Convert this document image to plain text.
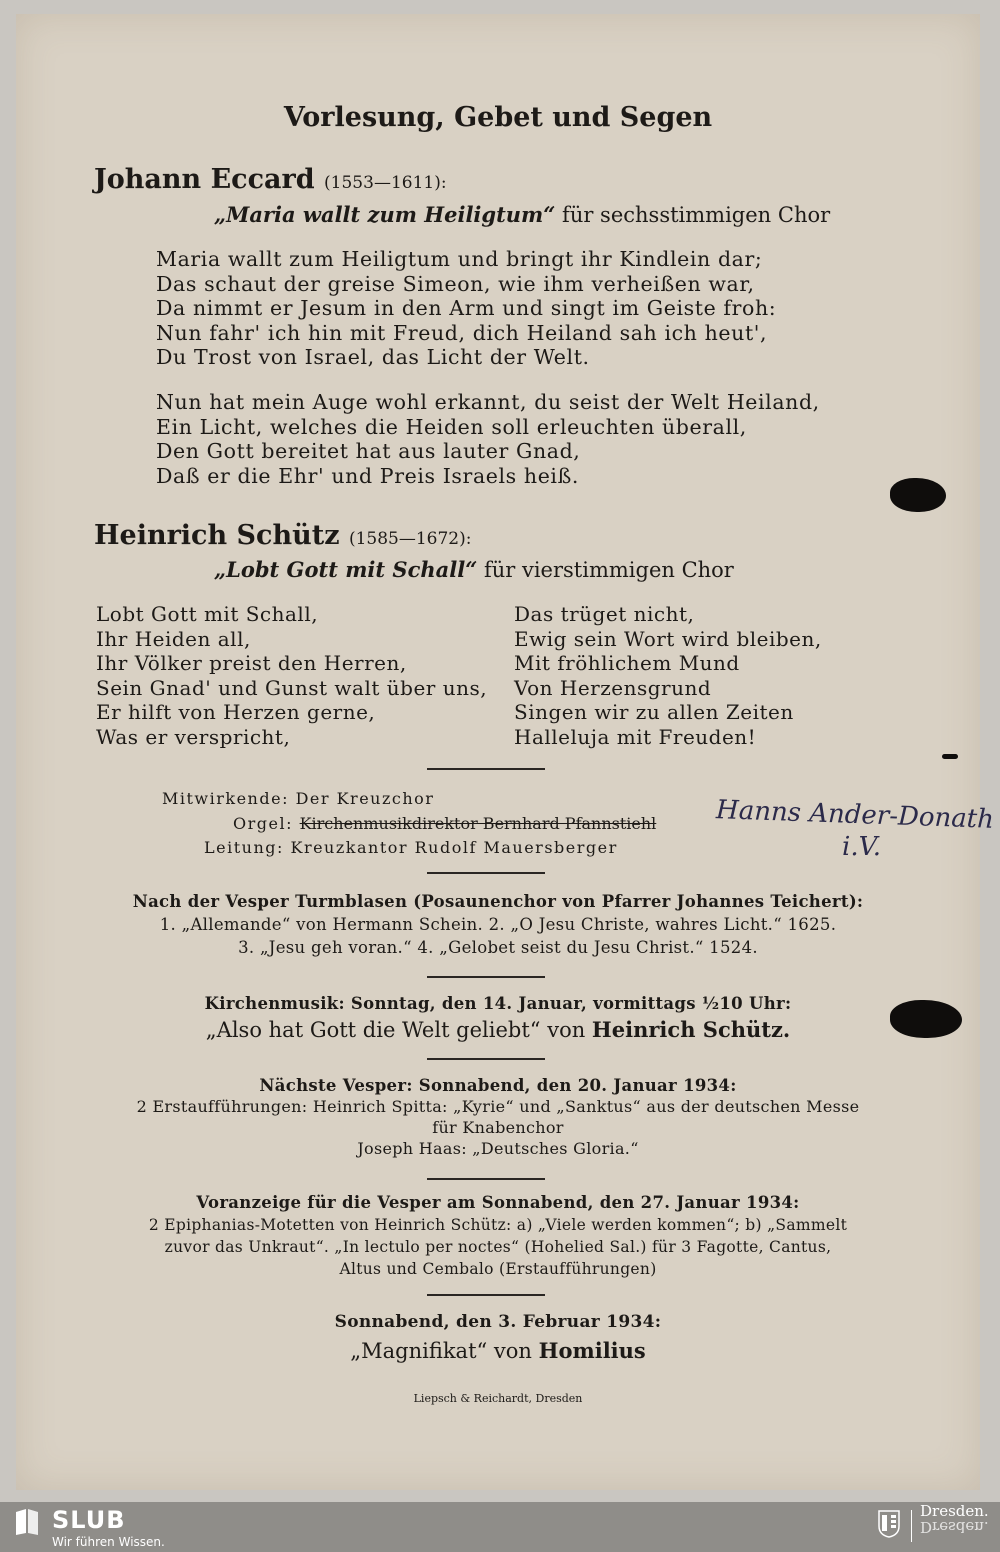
Vorlesung, Gebet und Segen
Johann Eccard (1553—1611):
„Maria wallt zum Heiligtum“ für sechsstimmigen Chor
Maria wallt zum Heiligtum und bringt ihr Kindlein dar;
Das schaut der greise Simeon, wie ihm verheißen war,
Da nimmt er Jesum in den Arm und singt im Geiste froh:
Nun fahr' ich hin mit Freud, dich Heiland sah ich heut',
Du Trost von Israel, das Licht der Welt.
Nun hat mein Auge wohl erkannt, du seist der Welt Heiland,
Ein Licht, welches die Heiden soll erleuchten überall,
Den Gott bereitet hat aus lauter Gnad,
Daß er die Ehr' und Preis Israels heiß.
Heinrich Schütz (1585—1672):
„Lobt Gott mit Schall“ für vierstimmigen Chor
Lobt Gott mit Schall,
Ihr Heiden all,
Ihr Völker preist den Herren,
Sein Gnad' und Gunst walt über uns,
Er hilft von Herzen gerne,
Was er verspricht,
Das trüget nicht,
Ewig sein Wort wird bleiben,
Mit fröhlichem Mund
Von Herzensgrund
Singen wir zu allen Zeiten
Halleluja mit Freuden!
Mitwirkende: Der Kreuzchor
Orgel: Kirchenmusikdirektor Bernhard Pfannstiehl
Leitung: Kreuzkantor Rudolf Mauersberger
Hanns Ander-Donath
i.V.
Nach der Vesper Turmblasen (Posaunenchor von Pfarrer Johannes Teichert):
1. „Allemande“ von Hermann Schein. 2. „O Jesu Christe, wahres Licht.“ 1625.
3. „Jesu geh voran.“ 4. „Gelobet seist du Jesu Christ.“ 1524.
Kirchenmusik: Sonntag, den 14. Januar, vormittags ½10 Uhr:
„Also hat Gott die Welt geliebt“ von Heinrich Schütz.
Nächste Vesper: Sonnabend, den 20. Januar 1934:
2 Erstaufführungen: Heinrich Spitta: „Kyrie“ und „Sanktus“ aus der deutschen Messe
für Knabenchor
Joseph Haas: „Deutsches Gloria.“
Voranzeige für die Vesper am Sonnabend, den 27. Januar 1934:
2 Epiphanias-Motetten von Heinrich Schütz: a) „Viele werden kommen“; b) „Sammelt
zuvor das Unkraut“. „In lectulo per noctes“ (Hohelied Sal.) für 3 Fagotte, Cantus,
Altus und Cembalo (Erstaufführungen)
Sonnabend, den 3. Februar 1934:
„Magnifikat“ von Homilius
Liepsch & Reichardt, Dresden
SLUB
Wir führen Wissen.
Dresden.
Dresden.
